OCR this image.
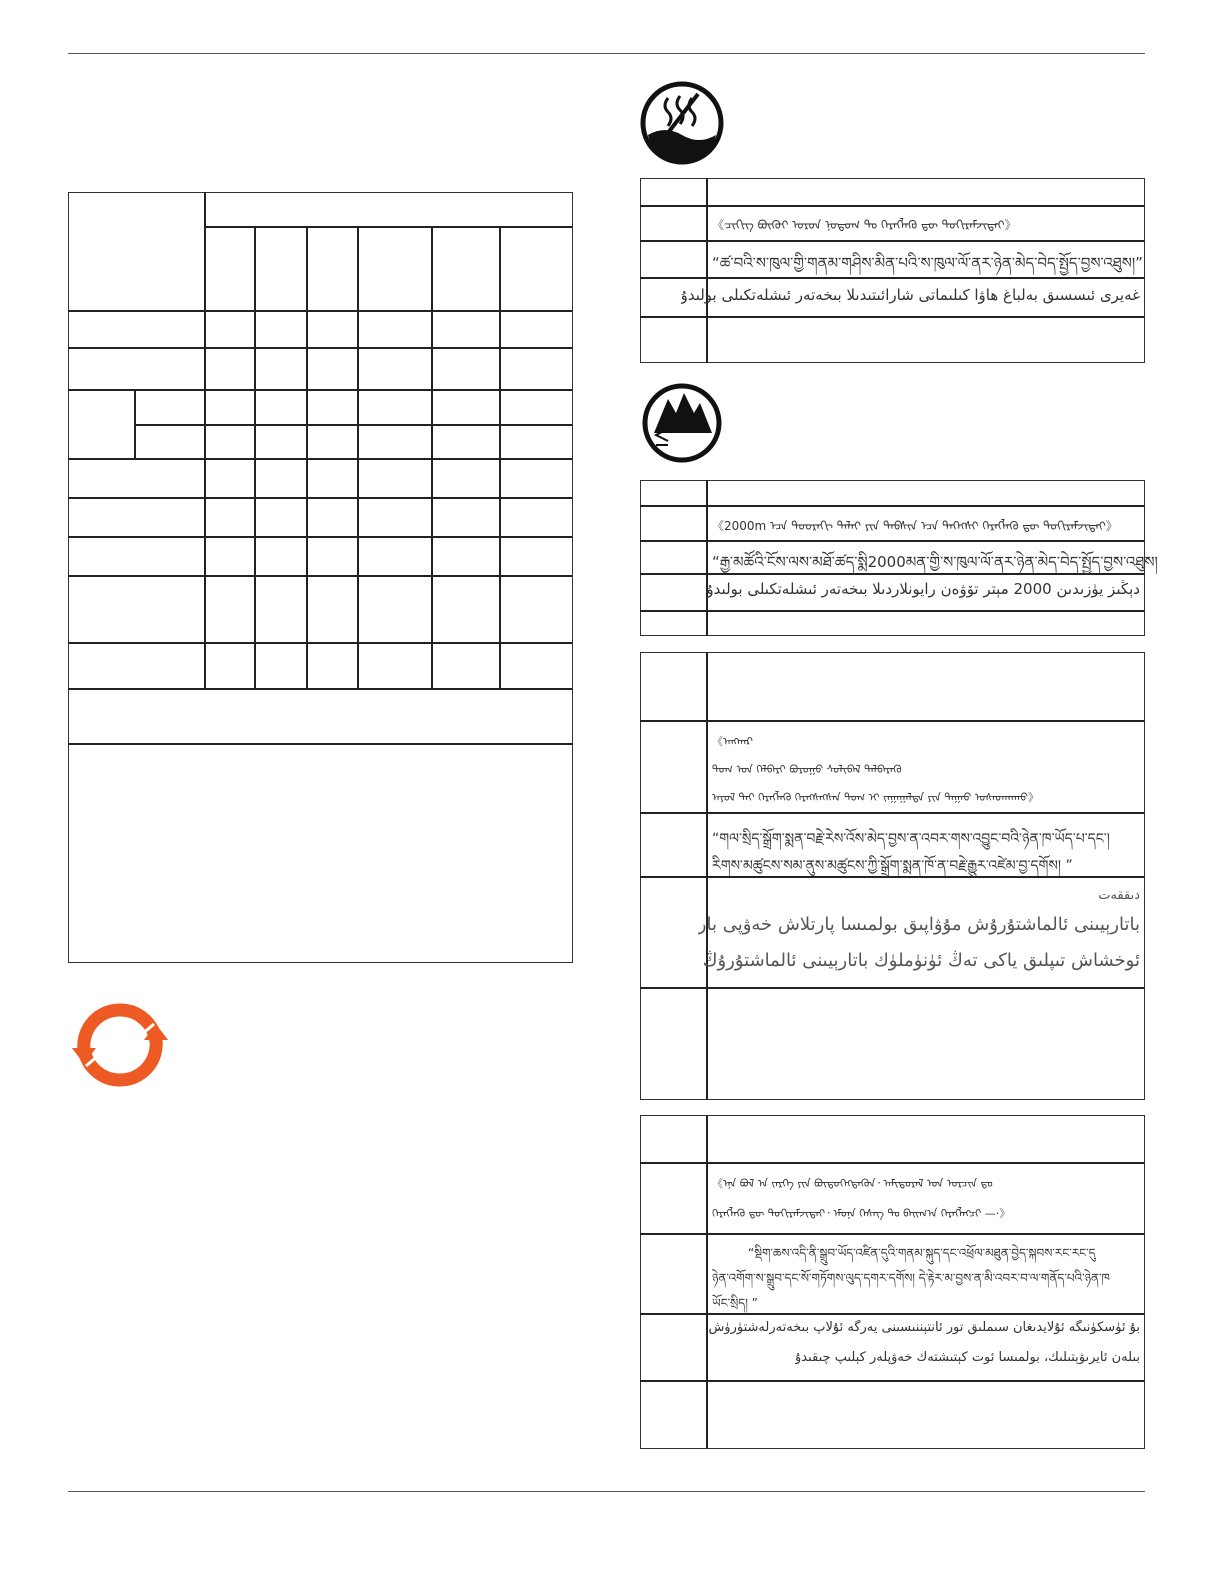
《ᠴᠢᠭᠢᠭ ᠪᠦᠬᠦᠢ ᠤᠷᠤᠨ ᠨᠤᠲᠤᠭ ᠲᠤ ᠬᠡᠷᠡᠭᠯᠡᠬᠦ ᠳᠦ ᠲᠣᠬᠢᠷᠠᠮᠵᠢᠲᠠᠢ》
“ཚ་བའི་ས་ཁུལ་གྱི་གནམ་གཤིས་མིན་པའི་ས་ཁུལ་ལོ་ནར་ཉེན་མེད་བེད་སྤྱོད་བྱས་འཐུས།”
غەيرى ئىسسىق بەلباغ هاۋا كىلىماتى شارائىتىدىلا بىخەتەر ئىشلەتكىلى بولىدۇ
《2000m ᠡᠴᠡ ᠳᠣᠣᠷᠠᠬᠢ ᠳᠠᠯᠠᠢ ᠶᠢᠨ ᠲᠡᠪᠰᠢᠨ ᠡᠴᠡ ᠳᠡᠭᠡᠭᠰᠢ ᠬᠡᠷᠡᠭᠯᠡᠬᠦ ᠳᠦ ᠲᠣᠬᠢᠷᠠᠮᠵᠢᠲᠠᠢ》
“རྒྱ་མཚོའི་ངོས་ལས་མཐོ་ཚད་སྨི2000མན་གྱི་ས་ཁུལ་ལོ་ནར་ཉེན་མེད་བེད་སྤྱོད་བྱས་འཐུས།
دېڭىز يۈزىدىن 2000 مېتر تۆۋەن رايونلاردىلا بىخەتەر ئىشلەتكىلى بولىدۇ
《ᠠᠩᠬᠠᠷ
ᠲᠤᠭ ᠤᠨ ᠬᠡᠯᠪᠡᠷᠢ ᠪᠤᠷᠤᠭᠤ ᠰᠣᠯᠢᠪᠠᠯ ᠳᠡᠯᠪᠡᠷᠡᠬᠦ
ᠠᠶᠤᠯ ᠲᠠᠢ ᠬᠡᠷᠡᠭᠯᠡᠬᠦ ᠬᠡᠷᠡᠭᠰᠡᠭᠰᠡᠨ ᠲᠤᠭ ᠢ ᠵᠠᠭᠠᠭᠠᠯᠳᠠ ᠶᠢᠨ ᠳᠠᠭᠠᠤ ᠤᠰᠠᠳᠬᠠᠬᠤ》
“གལ་སྲིད་སྒྲོག་སྨན་བརྗེ་རེས་འོས་མེད་བྱས་ན་འབར་གས་འབྱུང་བའི་ཉེན་ཁ་ཡོད་པ་དང་།
རིགས་མཚུངས་སམ་ནུས་མཚུངས་ཀྱི་སྒྲོག་སྨན་ཁོ་ན་བརྗེ་རྒྱུར་འཛེམ་བྱ་དགོས། ”
دىققەت
باتارېيىنى ئالماشتۇرۇش مۇۋاپىق بولمىسا پارتلاش خەۋپى بار
ئوخشاش تىپلىق ياكى تەڭ ئۈنۈملۈك باتارېيىنى ئالماشتۇرۇڭ
《ᠡᠨᠡ ᠪᠣᠯ ᠠ ᠵᠡᠷᠭᠡ ᠶᠢᠨ ᠪᠦᠲᠦᠭᠡᠭᠳᠡᠬᠦᠨ᠂ ᠠᠮᠢᠳᠤᠷᠠᠯ ᠤᠨ ᠣᠷᠴᠢᠨ ᠳᠤ
ᠬᠡᠷᠡᠭᠯᠡᠬᠦ ᠳᠦ ᠲᠣᠬᠢᠷᠠᠮᠵᠢᠲᠠᠢ᠂ ᠡᠮᠦᠨᠡ ᠬᠡᠰᠡᠭ ᠲᠤ ᠪᠠᠢᠭ᠎ᠠ ᠬᠡᠷᠡᠭᠯᠡᠭᠴᠢ —·》
“སྡིག་ཆས་འདི་ནི་སྒྲུབ་ཡོད་འཛིན་དུའི་གནམ་སྐུད་དང་འཕྲོལ་མཐུན་བྱེད་སྐབས་རང་རང་དུ
ཉེན་འགོག་ས་སྒྲུབ་དང་སོ་གཏོགས་ལུད་དགར་དགོས། དེ་རྟེར་མ་བྱས་ན་མི་འབར་བ་ལ་གནོད་པའི་ཉེན་ཁ
ཡོང་སྲིད། ”
بۇ ئۈسكۈنىگە ئۇلايدىغان سىملىق تور ئانتېننىسىنى يەرگە ئۇلاپ بىخەتەرلەشتۈرۈش
بىلەن ئايرىۋېتىلىك، بولمىسا ئوت كېتىشتەك خەۋپلەر كېلىپ چىقىدۇ
